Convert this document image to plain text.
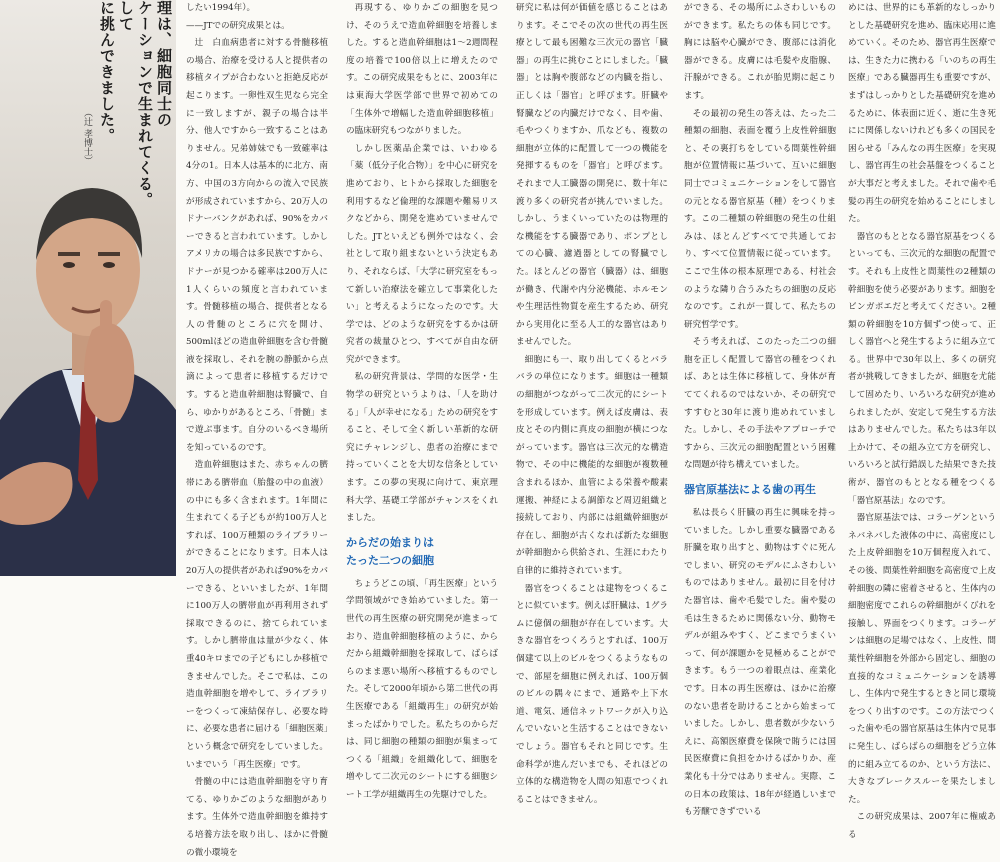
理は、細胞同士の
ケーションで生まれてくる。
して
に挑んできました。
（辻 孝博士）

したい1994年）。

——JTでの研究成果とは。

辻　白血病患者に対する骨髄移植の場合、治療を受ける人と提供者の移植タイプが合わないと拒絶反応が起こります。一卵性双生児なら完全に一致しますが、親子の場合は半分、他人ですから一致することはありません。兄弟姉妹でも一致確率は4分の1。日本人は基本的に北方、南方、中国の3方向からの流入で民族が形成されていますから、20万人のドナーバンクがあれば、90%をカバーできると言われています。しかしアメリカの場合は多民族ですから、ドナーが見つかる確率は200万人に1人くらいの頻度と言われています。骨髄移植の場合、提供者となる人の骨髄のところに穴を開け、500mlほどの造血幹細胞を含む骨髄液を採取し、それを腕の静脈から点滴によって患者に移植するだけです。すると造血幹細胞は腎臓で、自ら、ゆかりがあるところ、「骨髄」まで遊ぶ事ます。自分のいるべき場所を知っているのです。

造血幹細胞はまた、赤ちゃんの臍帯にある臍帯血（胎盤の中の血液）の中にも多く含まれます。1年間に生まれてくる子どもが約100万人とすれば、100万種類のライブラリーができることになります。日本人は20万人の提供者があれば90%をカバーできる、といいましたが、1年間に100万人の臍帯血が再利用されず採取できるのに、捨てられています。しかし臍帯血は量が少なく、体重40キロまでの子どもにしか移植できませんでした。そこで私は、この造血幹細胞を増やして、ライブラリーをつくって凍結保存し、必要な時に、必要な患者に届ける「細胞医薬」という概念で研究をしていました。いまでいう「再生医療」です。

骨髄の中には造血幹細胞を守り育てる、ゆりかごのような細胞があります。生体外で造血幹細胞を維持する培養方法を取り出し、ほかに骨髄の微小環境を

再現する、ゆりかごの細胞を見つけ、そのうえで造血幹細胞を培養しました。すると造血幹細胞は1〜2週間程度の培養で100倍以上に増えたのです。この研究成果をもとに、2003年には東海大学医学部で世界で初めての「生体外で増幅した造血幹細胞移植」の臨床研究もつながりました。

しかし医薬品企業では、いわゆる「薬（低分子化合物）」を中心に研究を進めており、ヒトから採取した細胞を利用するなど倫理的な課題や難易リスクなどから、開発を進めていませんでした。JTといえども例外ではなく、会社として取り組まないという決定もあり、それならば、「大学に研究室をもって新しい治療法を確立して事業化したい」と考えるようになったのです。大学では、どのような研究をするかは研究者の裁量ひとつ、すべてが自由な研究ができます。

私の研究背景は、学問的な医学・生物学の研究というよりは、「人を助ける」「人が幸せになる」ための研究をすること、そして全く新しい革新的な研究にチャレンジし、患者の治療にまで持っていくことを大切な信条としています。この夢の実現に向けて、東京理科大学、基礎工学部がチャンスをくれました。

からだの始まりは
たった二つの細胞

ちょうどこの頃、「再生医療」という学問領域ができ始めていました。第一世代の再生医療の研究開発が進まっており、造血幹細胞移植のように、からだから組織幹細胞を採取して、ばらばらのまま悪い場所へ移植するものでした。そして2000年頃から第二世代の再生医療である「組織再生」の研究が始まったばかりでした。私たちのからだは、同じ細胞の種類の細胞が集まってつくる「組織」を組織化して、細胞を増やして二次元のシートにする細胞シート工学が組織再生の先駆けでした。

研究に私は何が価値を感じることはあります。そこでその次の世代の再生医療として最も困難な三次元の器官「臓器」の再生に挑むことにしました。「臓器」とは胸や腹部などの内臓を指し、正しくは「器官」と呼びます。肝臓や腎臓などの内臓だけでなく、目や歯、毛やつくりますか、爪なども、複数の細胞が立体的に配置して一つの機能を発揮するものを「器官」と呼びます。それまで人工臓器の開発に、数十年に渡り多くの研究者が挑んでいました。しかし、うまくいっていたのは物理的な機能をする臓器であり、ポンプとしての心臓、濾過器としての腎臓でした。ほとんどの器官（臓器）は、細胞が働き、代謝や内分泌機能、ホルモンや生理活性物質を産生するため、研究から実用化に至る人工的な器官はありませんでした。

細胞にも一、取り出してくるとバラバラの単位になります。細胞は一種類の細胞がつながって二次元的にシートを形成しています。例えば皮膚は、表皮とその内側に真皮の細胞が横につながっています。器官は三次元的な構造物で、その中に機能的な細胞が複数種含まれるほか、血管による栄養や酸素運搬、神経による調節など周辺組織と接続しており、内部には組織幹細胞が存在し、細胞が古くなれば新たな細胞が幹細胞から供給され、生涯にわたり自律的に維持されています。

器官をつくることは建物をつくることに似ています。例えば肝臓は、1グラムに億個の細胞が存在しています。大きな器官をつくろうとすれば、100万個建て以上のビルをつくるようなもので、部屋を細胞に例えれば、100万個のビルの隅々にまで、通路や上下水道、電気、通信ネットワークが入り込んでいないと生活することはできないでしょう。器官もそれと同じです。生命科学が進んだいまでも、それほどの立体的な構造物を人間の知恵でつくれることはできません。

ができる、その場所にふさわしいものができます。私たちの体も同じです。胸には脳や心臓ができ、腹部には消化器ができる。皮膚には毛髪や皮脂腺、汗腺ができる。これが胎児期に起こります。

その最初の発生の答えは、たった二種類の細胞、表面を覆う上皮性幹細胞と、その裏打ちをしている間葉性幹細胞が位置情報に基づいて、互いに細胞同士でコミュニケーションをして器官の元となる器官原基（種）をつくります。この二種類の幹細胞の発生の仕組みは、ほとんどすべてで共通しており、すべて位置情報に従っています。ここで生体の根本原理である、村社会のような隣り合うみたちの細胞の反応なのです。これが一貫して、私たちの研究哲学です。

そう考えれば、このたった二つの細胞を正しく配置して器官の種をつくれば、あとは生体に移植して、身体が育ててくれるのではないか、その研究ですすむと30年に渡り進めれていました。しかし、その手法やアプローチですから、三次元の細胞配置という困難な問題が待ち構えていました。

器官原基法による歯の再生

私は長らく肝臓の再生に興味を持っていました。しかし重要な臓器である肝臓を取り出すと、動物はすぐに死んでしまい、研究のモデルにふさわしいものではありません。最初に目を付けた器官は、歯や毛髪でした。歯や髪の毛は生きるために関係ない分、動物モデルが組みやすく、どこまでうまくいって、何が課題かを見極めることができます。もう一つの着眼点は、産業化です。日本の再生医療は、ほかに治療のない患者を助けることから始まっていました。しかし、患者数が少ないうえに、高額医療費を保険で賄うには国民医療費に負担をかけるばかりか、産業化も十分ではありません。実際、この日本の政策は、18年が経過しいまでも芳醸できずでいる

めには、世界的にも革新的なしっかりとした基礎研究を進め、臨床応用に進めていく。そのため、器官再生医療では、生きた力に携わる「いのちの再生医療」である臓器再生も重要ですが、まずはしっかりとした基礎研究を進めるために、体表面に近く、逝に生き死にに関係しないけれども多くの国民を困らせる「みんなの再生医療」を実現し、器官再生の社会基盤をつくることが大事だと考えました。それで歯や毛髪の再生の研究を始めることにしました。

器官のもととなる器官原基をつくるといっても、三次元的な細胞の配置です。それも上皮性と間葉性の2種類の幹細胞を使う必要があります。細胞をビンガポエだと考えてください。2種類の幹細胞を10方個ずつ使って、正しく器官へと発生するように組み立てる。世界中で30年以上、多くの研究者が挑戦してきましたが、細胞を尤能して固めたり、いろいろな研究が進められましたが、安定して発生する方法はありませんでした。私たちは3年以上かけて、その組み立て方を研究し、いろいろと試行錯誤した結果できた技術が、器官のもととなる種をつくる「器官原基法」なのです。

器官原基法では、コラーゲンというネバネバした液体の中に、高密度にした上皮幹細胞を10万個程度入れて、その後、間葉性幹細胞を高密度で上皮幹細胞の隣に密着させると、生体内の細胞密度でこれらの幹細胞がくびれを接触し、界面をつくります。コラーゲンは細胞の足場ではなく、上皮性、間葉性幹細胞を外部から固定し、細胞の直接的なコミュニケーションを誘導し、生体内で発生するときと同じ環境をつくり出すのです。この方法でつくった歯や毛の器官原基は生体内で見事に発生し、ばらばらの細胞をどう立体的に組み立てるのか、という方法に、大きなブレークスルーを果たしました。

この研究成果は、2007年に権威ある
